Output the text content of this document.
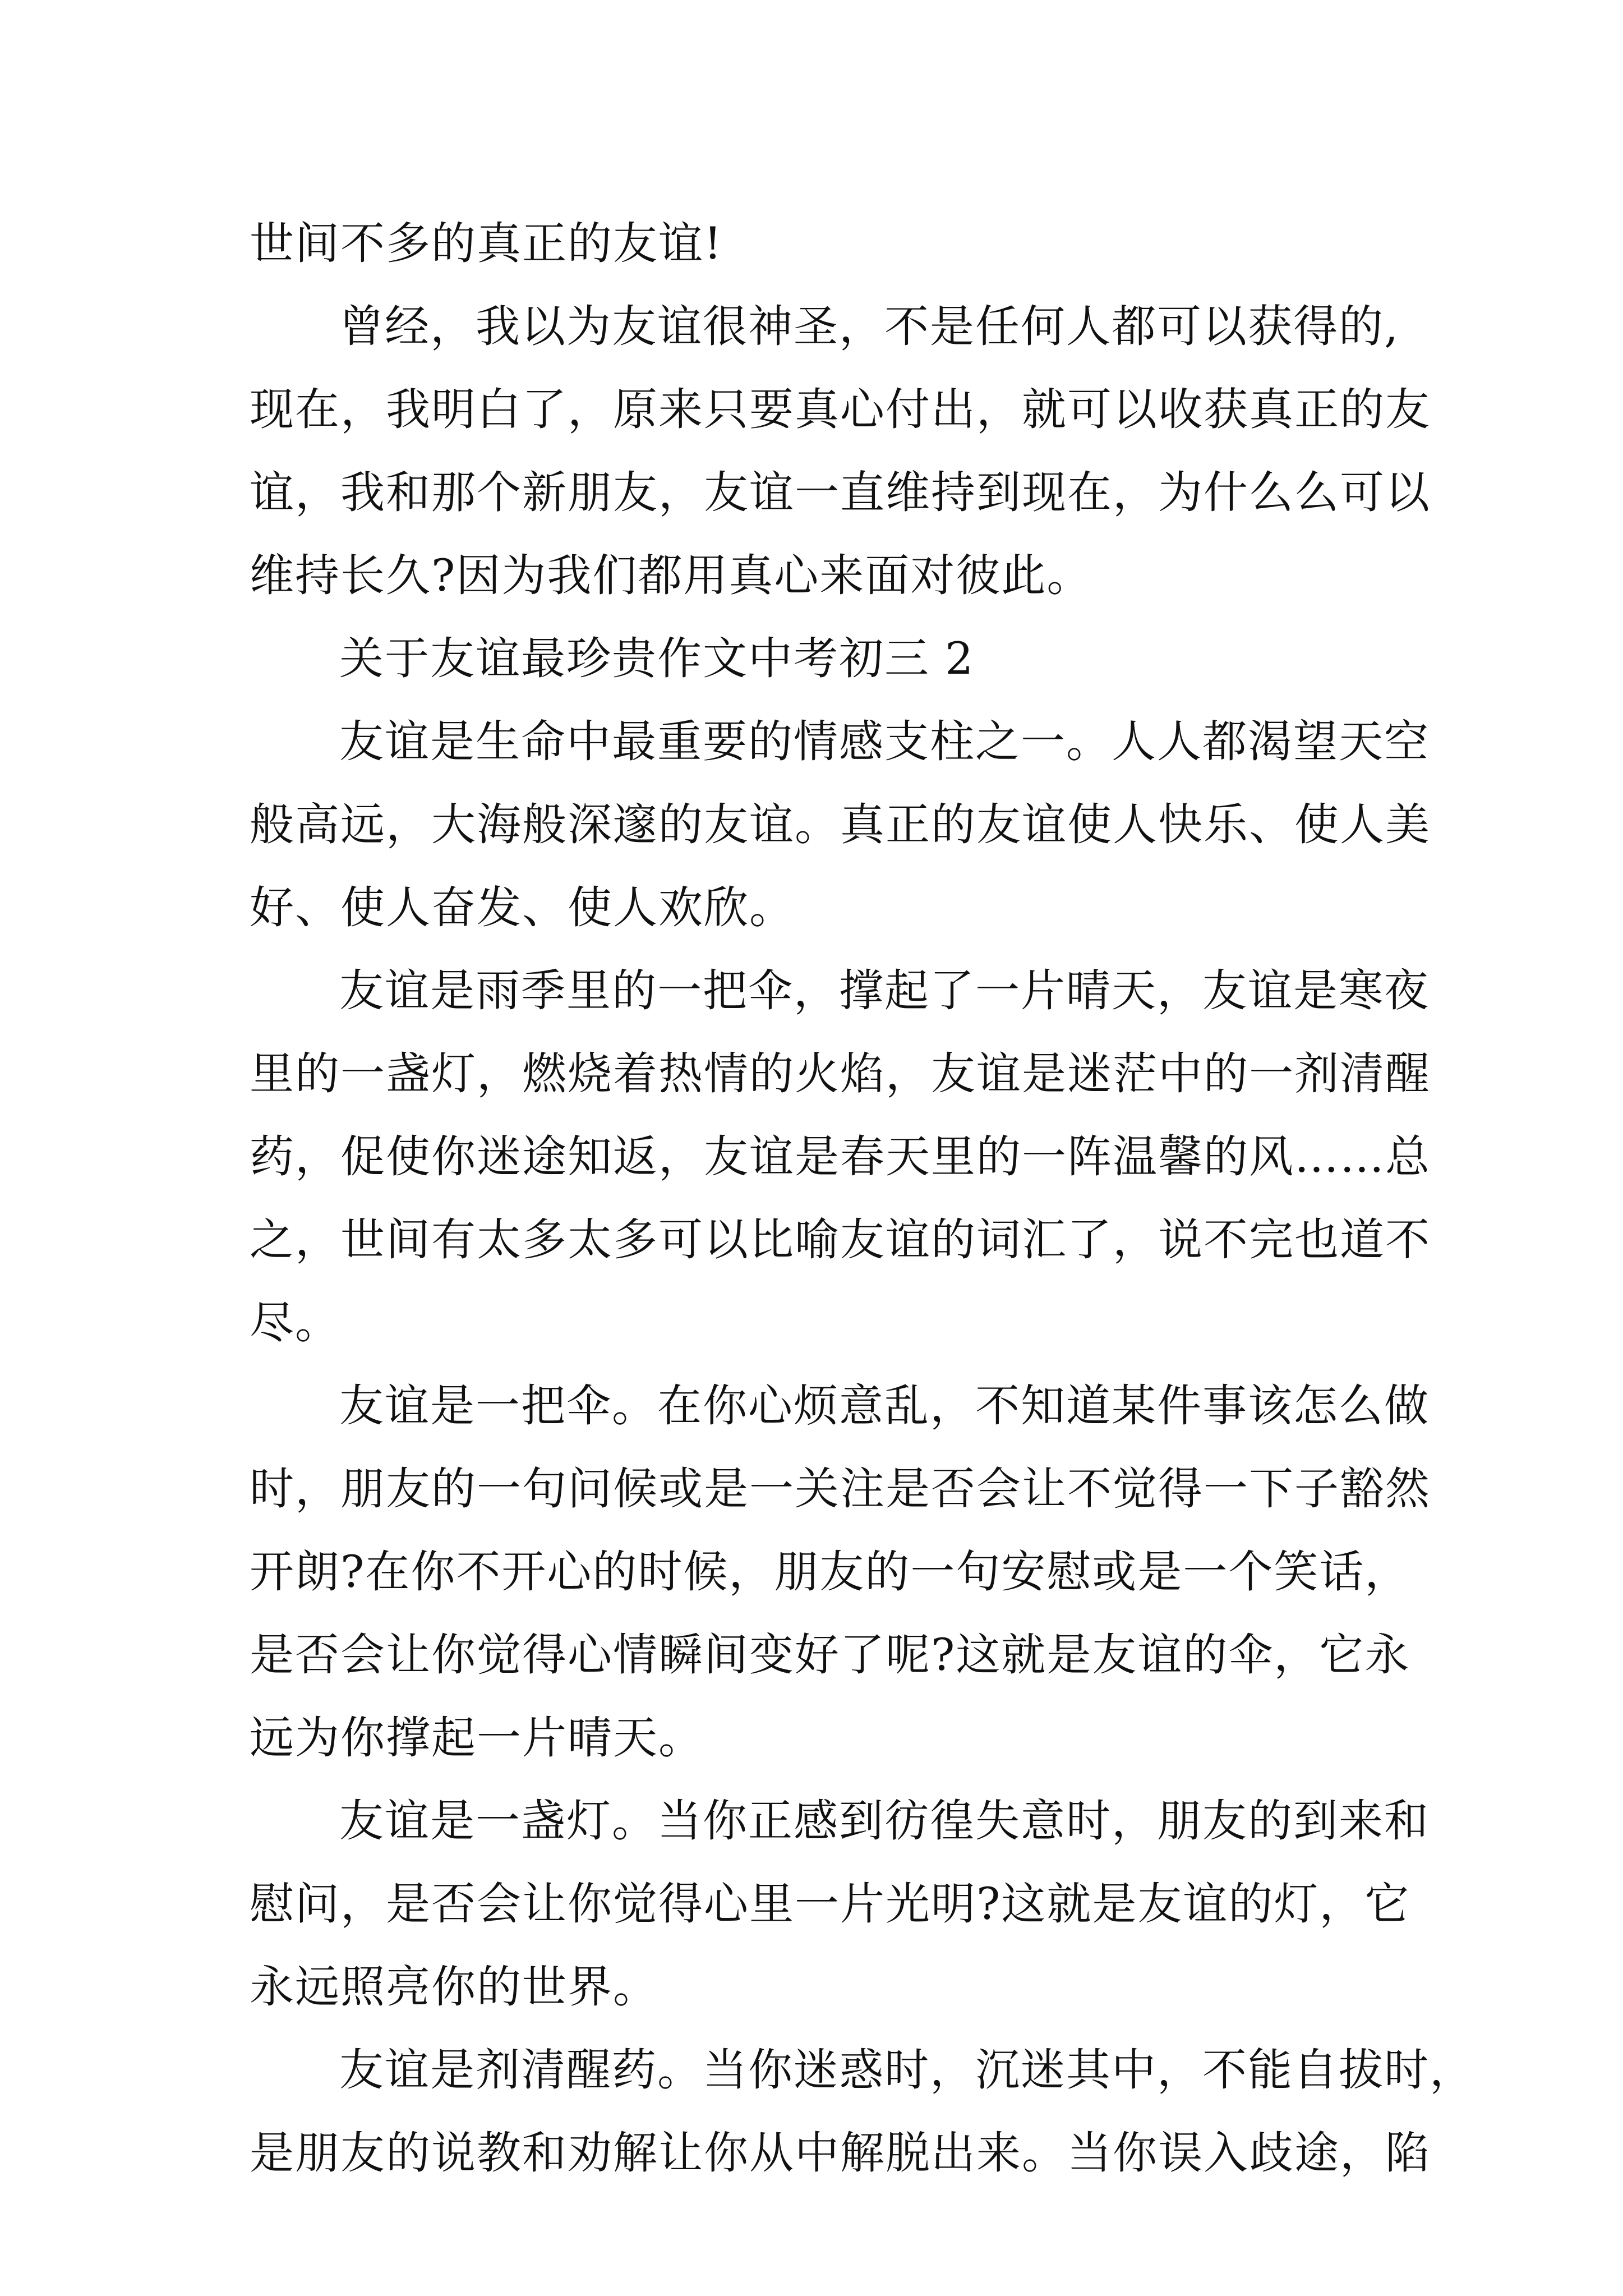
世间不多的真正的友谊!
曾经，我以为友谊很神圣，不是任何人都可以获得的,
现在，我明白了，原来只要真心付出，就可以收获真正的友
谊，我和那个新朋友，友谊一直维持到现在，为什么么可以
维持长久?因为我们都用真心来面对彼此。
关于友谊最珍贵作文中考初三 2
友谊是生命中最重要的情感支柱之一。人人都渴望天空
般高远，大海般深邃的友谊。真正的友谊使人快乐、使人美
好、使人奋发、使人欢欣。
友谊是雨季里的一把伞，撑起了一片晴天，友谊是寒夜
里的一盏灯，燃烧着热情的火焰，友谊是迷茫中的一剂清醒
药，促使你迷途知返，友谊是春天里的一阵温馨的风……总
之，世间有太多太多可以比喻友谊的词汇了，说不完也道不
尽。
友谊是一把伞。在你心烦意乱，不知道某件事该怎么做
时，朋友的一句问候或是一关注是否会让不觉得一下子豁然
开朗?在你不开心的时候，朋友的一句安慰或是一个笑话，
是否会让你觉得心情瞬间变好了呢?这就是友谊的伞，它永
远为你撑起一片晴天。
友谊是一盏灯。当你正感到彷徨失意时，朋友的到来和
慰问，是否会让你觉得心里一片光明?这就是友谊的灯，它
永远照亮你的世界。
友谊是剂清醒药。当你迷惑时，沉迷其中，不能自拔时，
是朋友的说教和劝解让你从中解脱出来。当你误入歧途，陷
